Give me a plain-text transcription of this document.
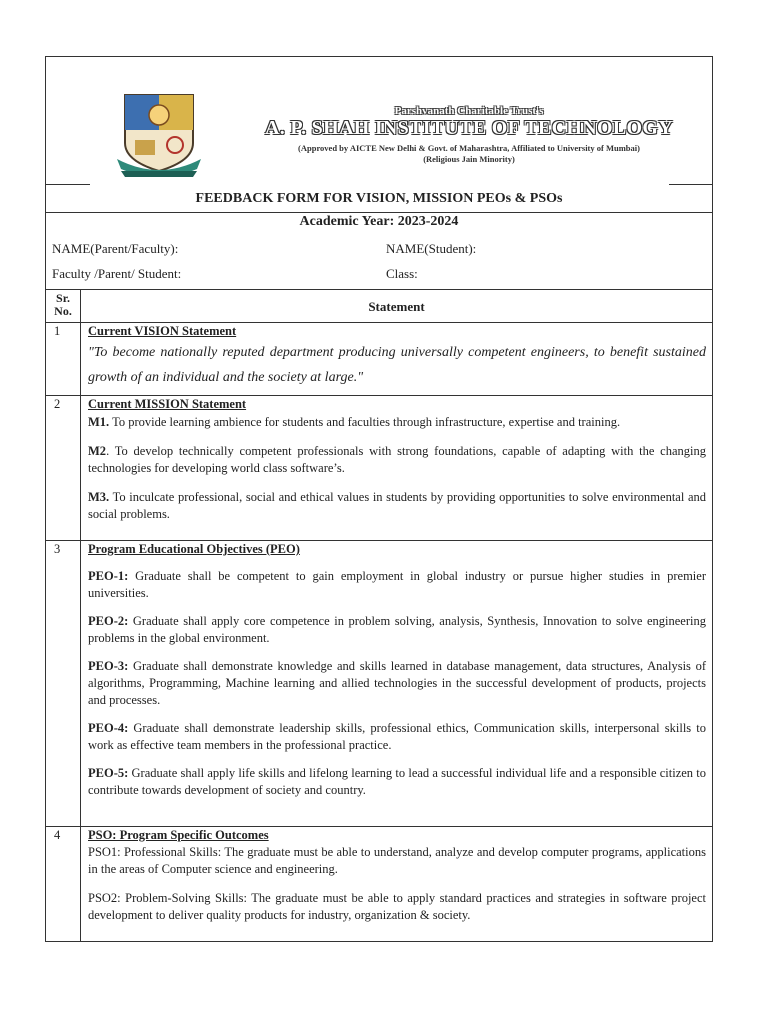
Parshvanath Charitable Trust's
A. P. SHAH INSTITUTE OF TECHNOLOGY
(Approved by AICTE New Delhi & Govt. of Maharashtra, Affiliated to University of Mumbai)
(Religious Jain Minority)
FEEDBACK FORM FOR VISION, MISSION PEOs & PSOs
Academic Year: 2023-2024
NAME(Parent/Faculty):	NAME(Student):
Faculty /Parent/ Student:	Class:
Sr. No.	Statement
1 Current VISION Statement

"To become nationally reputed department producing universally competent engineers, to benefit sustained growth of an individual and the society at large."

2 Current MISSION Statement

M1. To provide learning ambience for students and faculties through infrastructure, expertise and training.

M2. To develop technically competent professionals with strong foundations, capable of adapting with the changing technologies for developing world class software’s.

M3. To inculcate professional, social and ethical values in students by providing opportunities to solve environmental and social problems.

3 Program Educational Objectives (PEO)

PEO-1: Graduate shall be competent to gain employment in global industry or pursue higher studies in premier universities.

PEO-2: Graduate shall apply core competence in problem solving, analysis, Synthesis, Innovation to solve engineering problems in the global environment.

PEO-3: Graduate shall demonstrate knowledge and skills learned in database management, data structures, Analysis of algorithms, Programming, Machine learning and allied technologies in the successful development of products, projects and processes.

PEO-4: Graduate shall demonstrate leadership skills, professional ethics, Communication skills, interpersonal skills to work as effective team members in the professional practice.

PEO-5: Graduate shall apply life skills and lifelong learning to lead a successful individual life and a responsible citizen to contribute towards development of society and country.

4 PSO: Program Specific Outcomes

PSO1: Professional Skills: The graduate must be able to understand, analyze and develop computer programs, applications in the areas of Computer science and engineering.

PSO2: Problem-Solving Skills: The graduate must be able to apply standard practices and strategies in software project development to deliver quality products for industry, organization & society.
